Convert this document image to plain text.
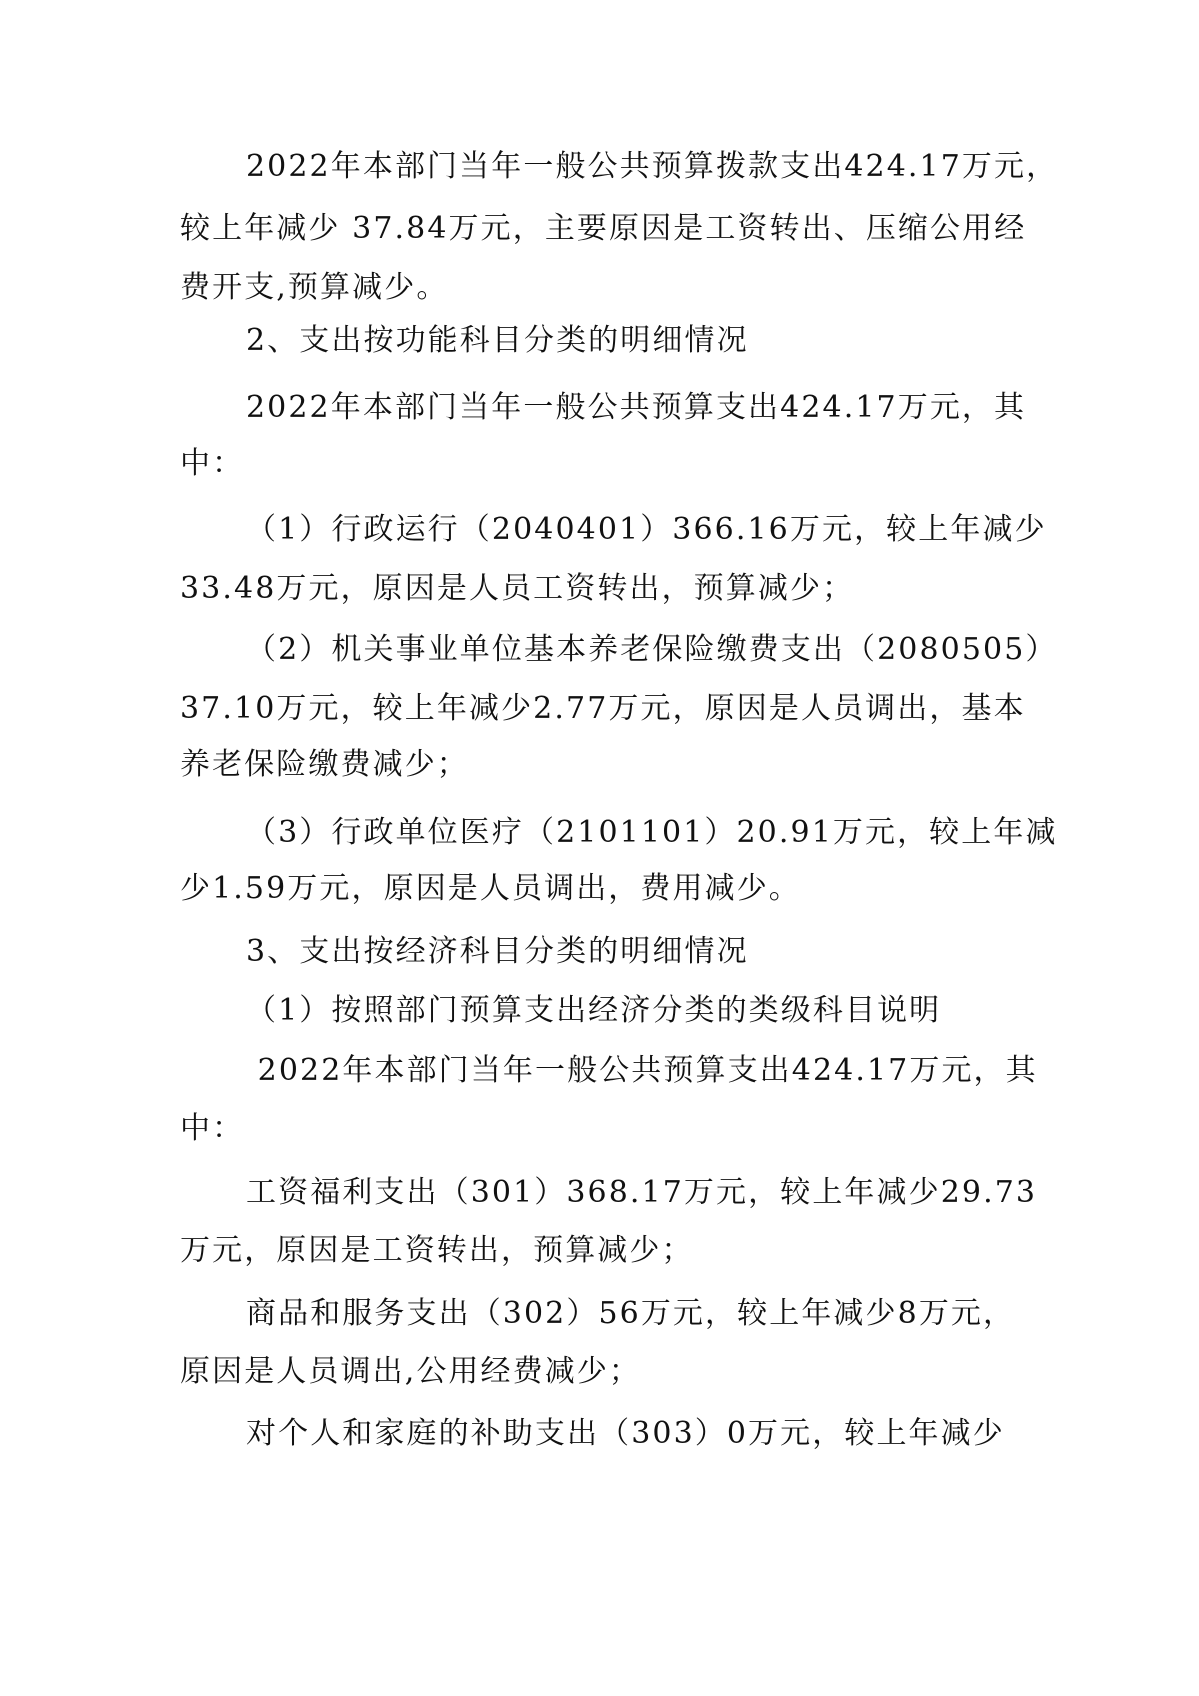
2022年本部门当年一般公共预算拨款支出424.17万元，
较上年减少 37.84万元，主要原因是工资转出、压缩公用经
费开支,预算减少。
2、支出按功能科目分类的明细情况
2022年本部门当年一般公共预算支出424.17万元，其
中：
（1）行政运行（2040401）366.16万元，较上年减少
33.48万元，原因是人员工资转出，预算减少；
（2）机关事业单位基本养老保险缴费支出（2080505）
37.10万元，较上年减少2.77万元，原因是人员调出，基本
养老保险缴费减少；
（3）行政单位医疗（2101101）20.91万元，较上年减
少1.59万元，原因是人员调出，费用减少。
3、支出按经济科目分类的明细情况
（1）按照部门预算支出经济分类的类级科目说明
2022年本部门当年一般公共预算支出424.17万元，其
中：
工资福利支出（301）368.17万元，较上年减少29.73
万元，原因是工资转出，预算减少；
商品和服务支出（302）56万元，较上年减少8万元，
原因是人员调出,公用经费减少；
对个人和家庭的补助支出（303）0万元，较上年减少
